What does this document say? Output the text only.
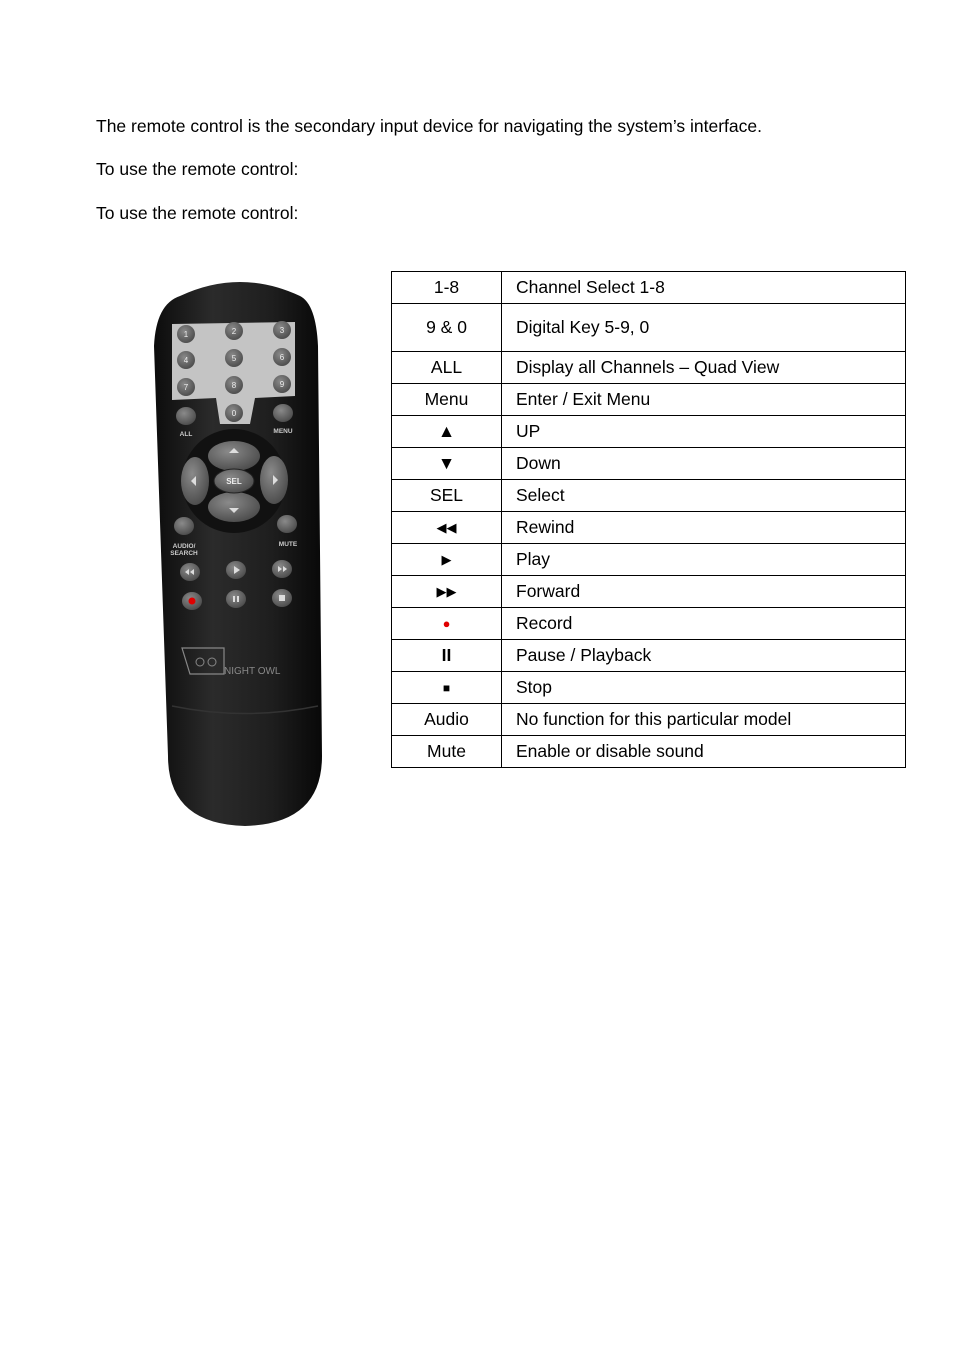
The remote control is the secondary input device for navigating the system’s interface.

To use the remote control:

To use the remote control:

1	2	3
4	5	6
7	8	9
0
ALL	MENU
SEL
AUDIO/
SEARCH
MUTE
NIGHT OWL
1-8	Channel Select 1-8
9 & 0	Digital Key 5-9, 0
ALL	Display all Channels – Quad View
Menu	Enter / Exit Menu
▲	UP
▼	Down
SEL	Select
◀◀	Rewind
▶	Play
▶▶	Forward
●	Record
II	Pause / Playback
■	Stop
Audio	No function for this particular model
Mute	Enable or disable sound
